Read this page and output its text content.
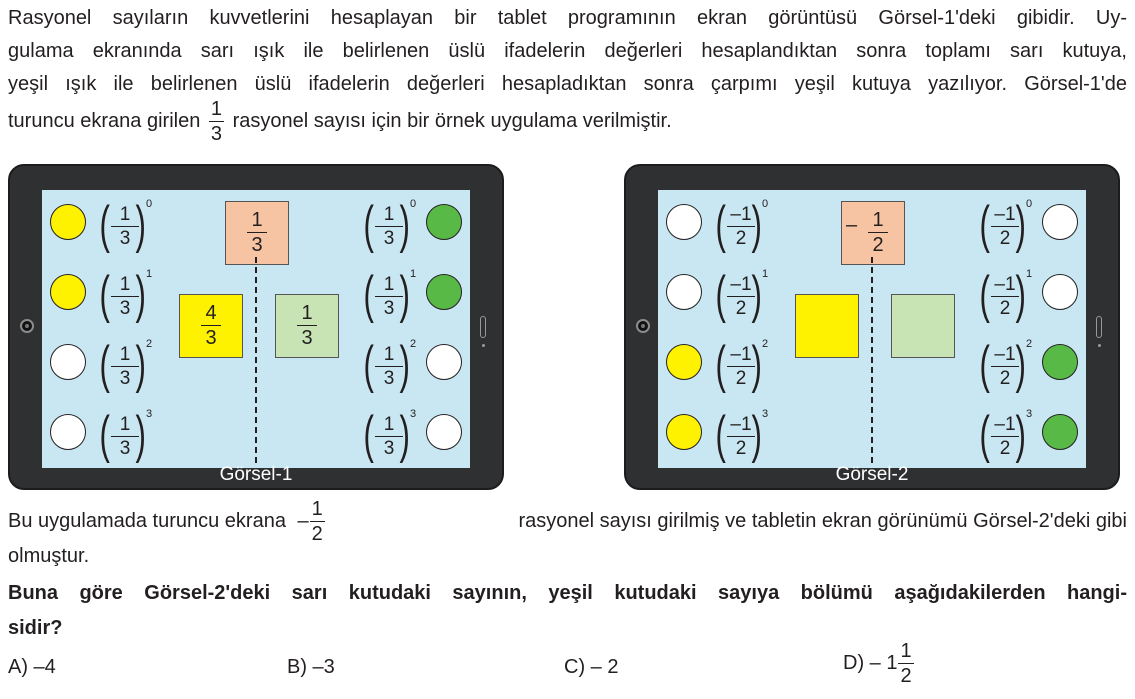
Rasyonel sayıların kuvvetlerini hesaplayan bir tablet programının ekran görüntüsü Görsel-1'deki gibidir. Uy-
gulama ekranında sarı ışık ile belirlenen üslü ifadelerin değerleri hesaplandıktan sonra toplamı sarı kutuya,
yeşil ışık ile belirlenen üslü ifadelerin değerleri hesapladıktan sonra çarpımı yeşil kutuya yazılıyor. Görsel-1'de
turuncu ekrana girilen $\frac{1}{3}$ rasyonel sayısı için bir örnek uygulama verilmiştir.
( $\frac{1}{3}$
) 0
( $\frac{1}{3}$
) 1
( $\frac{1}{3}$
) 2
( $\frac{1}{3}$
) 3
$\frac{1}{3}$
$\frac{4}{3} \frac{1}{3}$
( $\frac{1}{3}$
) 0
( $\frac{1}{3}$
) 1
( $\frac{1}{3}$
) 2
( $\frac{1}{3}$
) 3
Görsel-1
( $\frac{-1}{2}$
) 0
( $\frac{-1}{2}$
) 1
( $\frac{-1}{2}$
) 2
( $\frac{-1}{2}$
) 3
–
$\frac{1}{2}$ ( $\frac{-1}{2}$
) 0
( $\frac{-1}{2}$
) 1
( $\frac{-1}{2}$
) 2
( $\frac{-1}{2}$
) 3
Görsel-2
Bu uygulamada turuncu ekrana – $\frac{1}{2}$	rasyonel sayısı girilmiş ve tabletin ekran görünümü Görsel-2'deki gibi
olmuştur.
Buna göre Görsel-2'deki sarı kutudaki sayının, yeşil kutudaki sayıya bölümü aşağıdakilerden hangi-
sidir?
A) –4	B) –3	C) – 2	$D) - 1 \frac{1}{2}$
